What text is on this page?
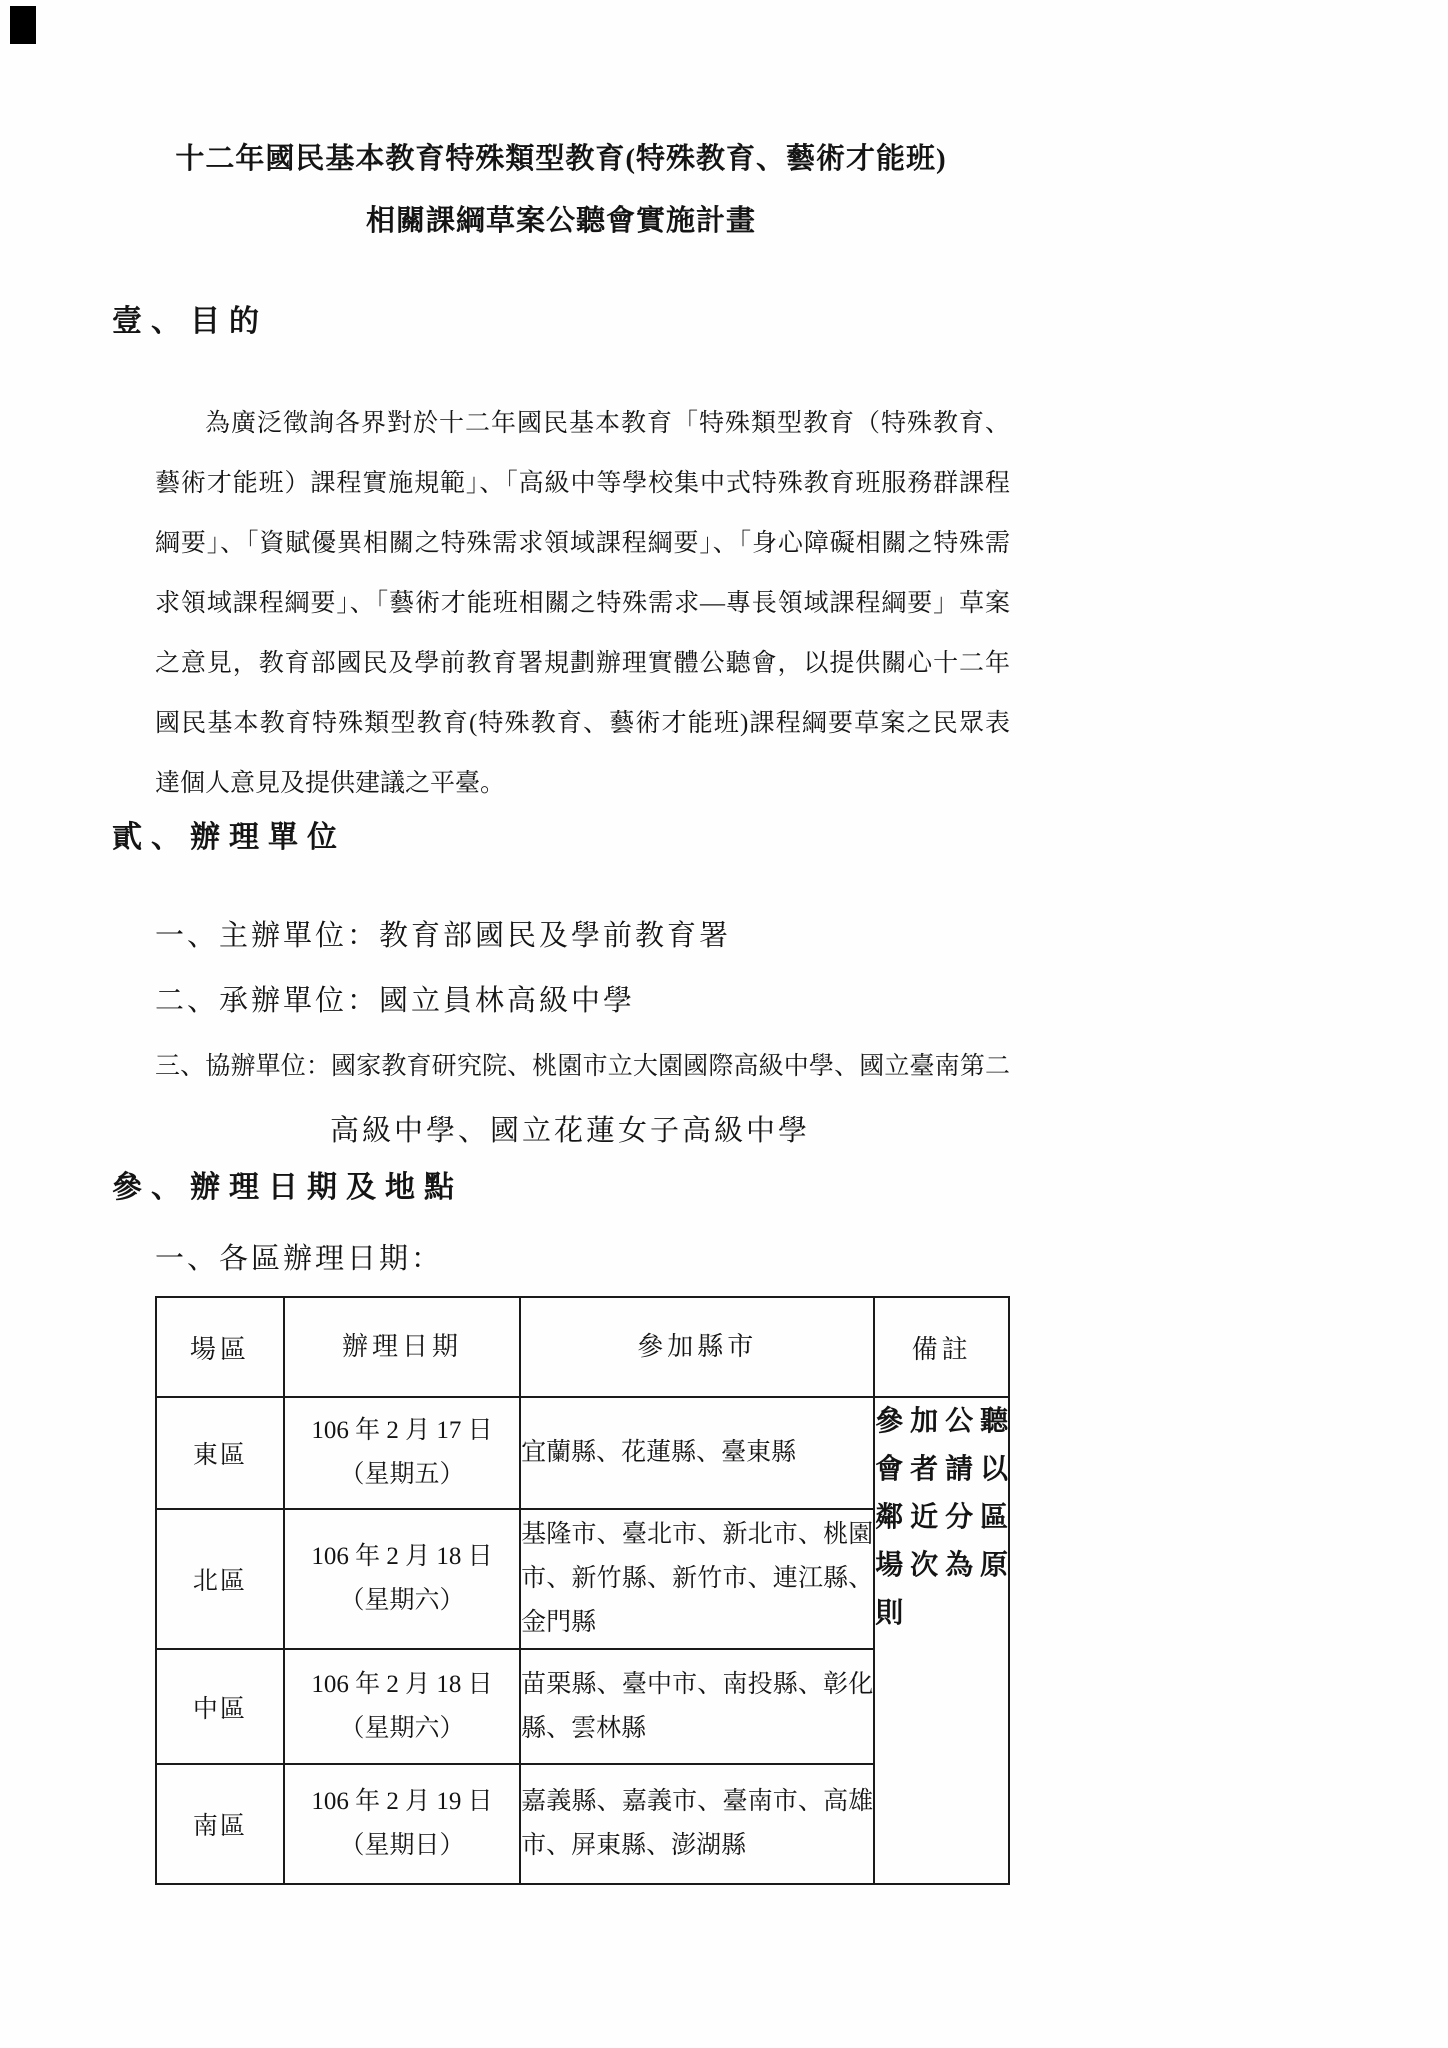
十二年國民基本教育特殊類型教育(特殊教育、藝術才能班)
相關課綱草案公聽會實施計畫
壹、目的
為廣泛徵詢各界對於十二年國民基本教育「特殊類型教育（特殊教育、
藝術才能班）課程實施規範」、「高級中等學校集中式特殊教育班服務群課程
綱要」、「資賦優異相關之特殊需求領域課程綱要」、「身心障礙相關之特殊需
求領域課程綱要」、「藝術才能班相關之特殊需求—專長領域課程綱要」草案
之意見，教育部國民及學前教育署規劃辦理實體公聽會，以提供關心十二年
國民基本教育特殊類型教育(特殊教育、藝術才能班)課程綱要草案之民眾表
達個人意見及提供建議之平臺。
貳、辦理單位
一、主辦單位：教育部國民及學前教育署
二、承辦單位：國立員林高級中學
三、協辦單位：國家教育研究院、桃園市立大園國際高級中學、國立臺南第二
高級中學、國立花蓮女子高級中學
參、辦理日期及地點
一、各區辦理日期：
場區	辦理日期	參加縣市	備註
東區	106 年 2 月 17 日
（星期五）	宜蘭縣、花蓮縣、臺東縣	參加公聽會者請以鄰近分區場次為原則
北區	106 年 2 月 18 日
（星期六）	基隆市、臺北市、新北市、桃園市、新竹縣、新竹市、連江縣、金門縣	
中區	106 年 2 月 18 日
（星期六）	苗栗縣、臺中市、南投縣、彰化縣、雲林縣	
南區	106 年 2 月 19 日
（星期日）	嘉義縣、嘉義市、臺南市、高雄市、屏東縣、澎湖縣	
